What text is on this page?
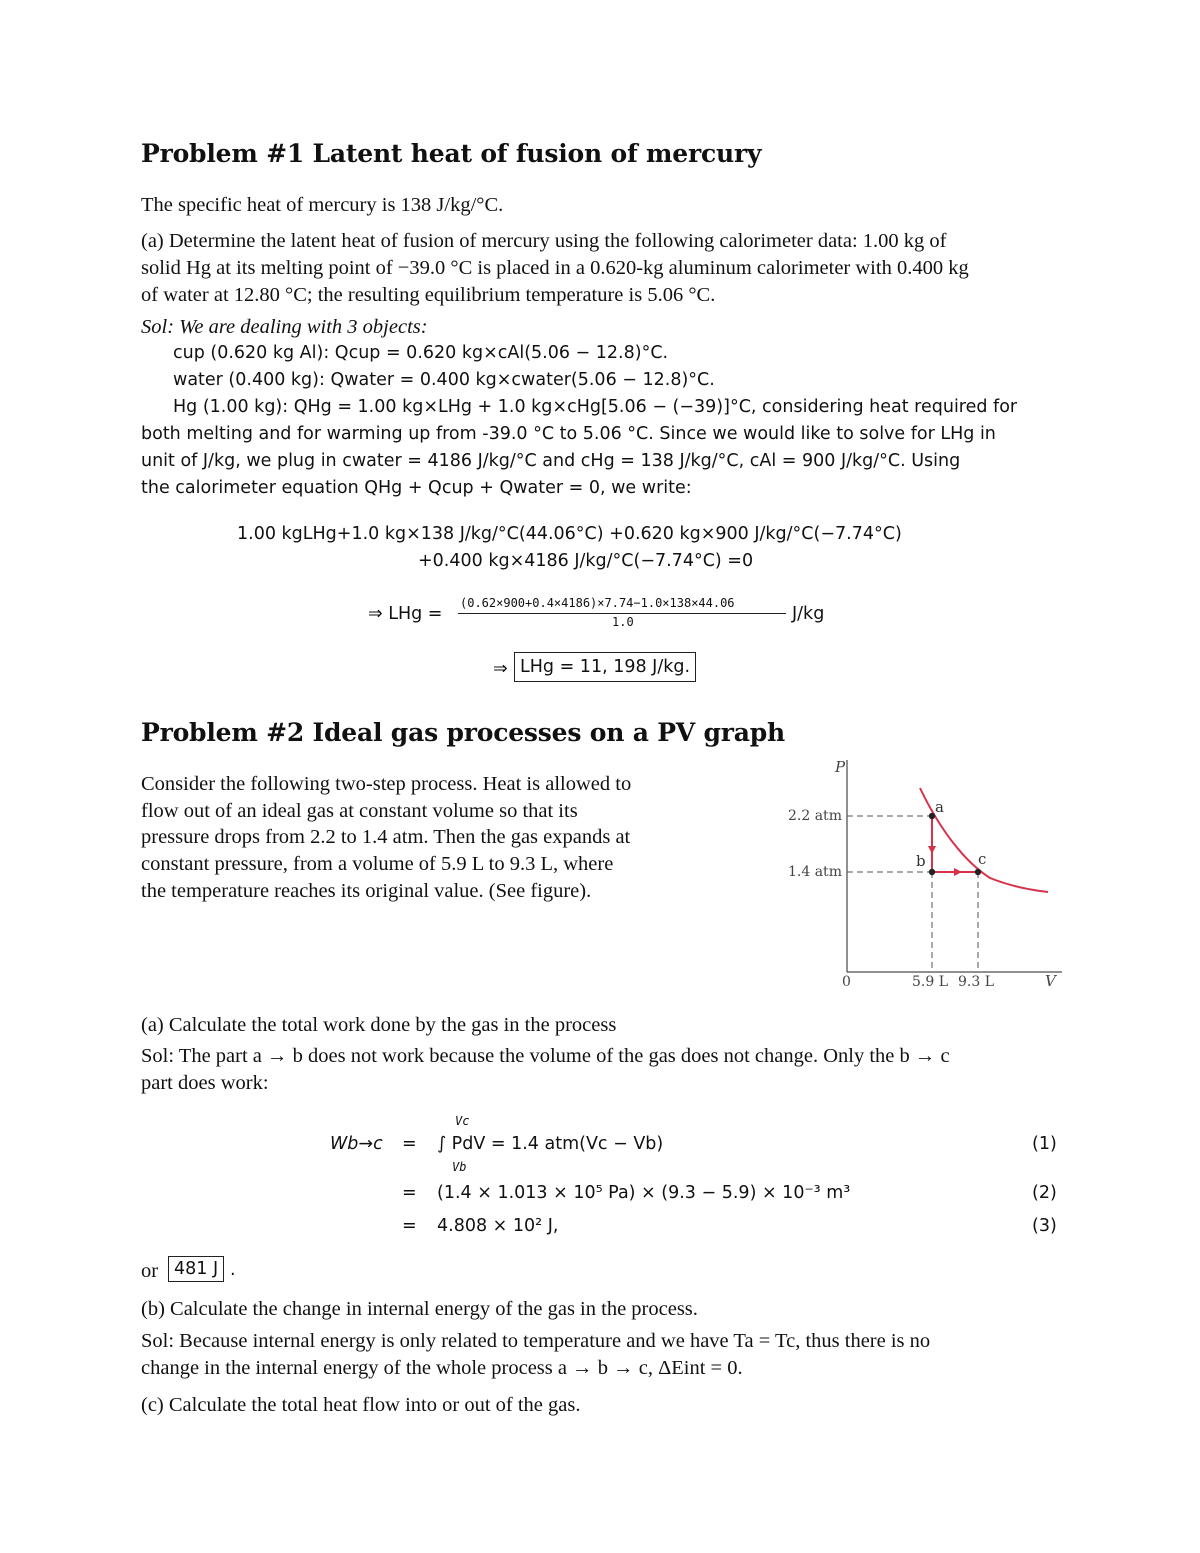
Problem #1 Latent heat of fusion of mercury
The specific heat of mercury is 138 J/kg/°C.
(a) Determine the latent heat of fusion of mercury using the following calorimeter data: 1.00 kg of
solid Hg at its melting point of −39.0 °C is placed in a 0.620-kg aluminum calorimeter with 0.400 kg
of water at 12.80 °C; the resulting equilibrium temperature is 5.06 °C.
Sol: We are dealing with 3 objects:
cup (0.620 kg Al): Qcup = 0.620 kg×cAl(5.06 − 12.8)°C.
water (0.400 kg): Qwater = 0.400 kg×cwater(5.06 − 12.8)°C.
Hg (1.00 kg): QHg = 1.00 kg×LHg + 1.0 kg×cHg[5.06 − (−39)]°C, considering heat required for
both melting and for warming up from -39.0 °C to 5.06 °C. Since we would like to solve for LHg in
unit of J/kg, we plug in cwater = 4186 J/kg/°C and cHg = 138 J/kg/°C, cAl = 900 J/kg/°C. Using
the calorimeter equation QHg + Qcup + Qwater = 0, we write:
1.00 kgLHg+1.0 kg×138 J/kg/°C(44.06°C) +0.620 kg×900 J/kg/°C(−7.74°C)
+0.400 kg×4186 J/kg/°C(−7.74°C) =0
⇒ LHg =
(0.62×900+0.4×4186)×7.74−1.0×138×44.06
1.0	J/kg
⇒ LHg = 11, 198 J/kg.
Problem #2 Ideal gas processes on a PV graph
Consider the following two-step process. Heat is allowed to
flow out of an ideal gas at constant volume so that its
pressure drops from 2.2 to 1.4 atm. Then the gas expands at
constant pressure, from a volume of 5.9 L to 9.3 L, where
the temperature reaches its original value. (See figure).
P
V
2.2 atm
1.4 atm
0	5.9 L 9.3 L
a
b	c
(a) Calculate the total work done by the gas in the process
Sol: The part a → b does not work because the volume of the gas does not change. Only the b → c
part does work:
Wb→c =
Vc
Vb
∫ PdV = 1.4 atm(Vc − Vb)	(1)
= (1.4 × 1.013 × 10⁵ Pa) × (9.3 − 5.9) × 10⁻³ m³	(2)
= 4.808 × 10² J,	(3)
or 481 J .
(b) Calculate the change in internal energy of the gas in the process.
Sol: Because internal energy is only related to temperature and we have Ta = Tc, thus there is no
change in the internal energy of the whole process a → b → c, ΔEint = 0.
(c) Calculate the total heat flow into or out of the gas.
